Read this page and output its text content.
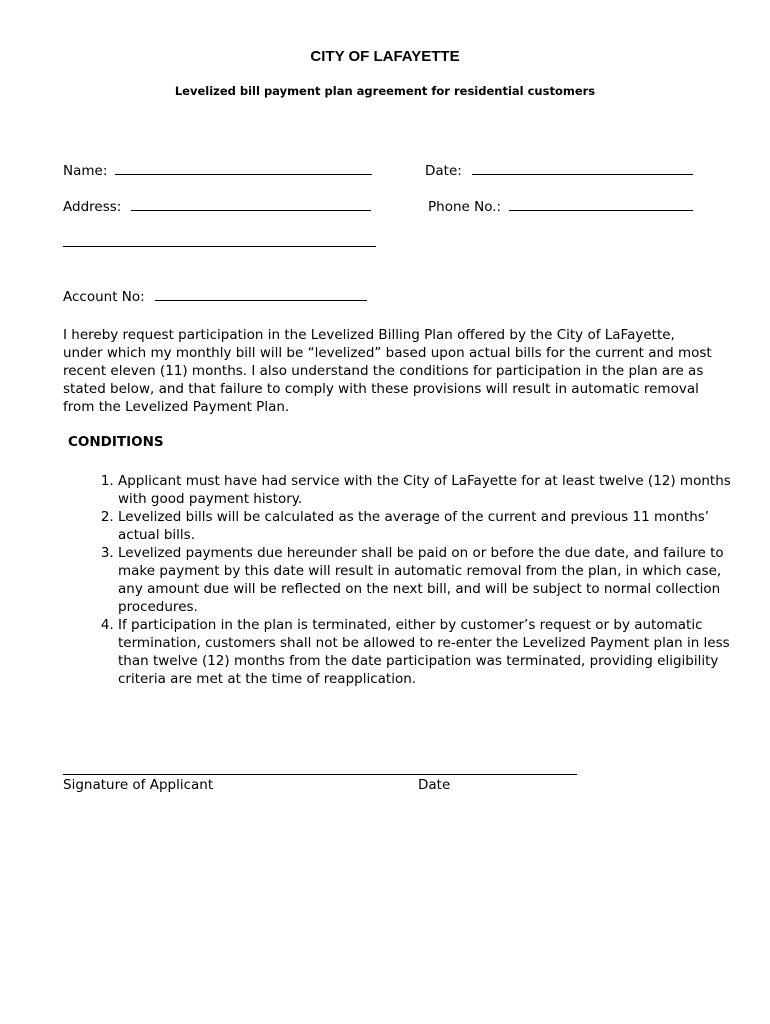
CITY OF LAFAYETTE
Levelized bill payment plan agreement for residential customers
Name:	Date:
Address:	Phone No.:
Account No:

I hereby request participation in the Levelized Billing Plan offered by the City of LaFayette, under which my monthly bill will be “levelized” based upon actual bills for the current and most recent eleven (11) months. I also understand the conditions for participation in the plan are as stated below, and that failure to comply with these provisions will result in automatic removal from the Levelized Payment Plan.

CONDITIONS
1. Applicant must have had service with the City of LaFayette for at least twelve (12) months with good payment history.
2. Levelized bills will be calculated as the average of the current and previous 11 months’ actual bills.
3. Levelized payments due hereunder shall be paid on or before the due date, and failure to make payment by this date will result in automatic removal from the plan, in which case, any amount due will be reflected on the next bill, and will be subject to normal collection procedures.
4. If participation in the plan is terminated, either by customer’s request or by automatic termination, customers shall not be allowed to re-enter the Levelized Payment plan in less than twelve (12) months from the date participation was terminated, providing eligibility criteria are met at the time of reapplication.
Signature of Applicant	Date
